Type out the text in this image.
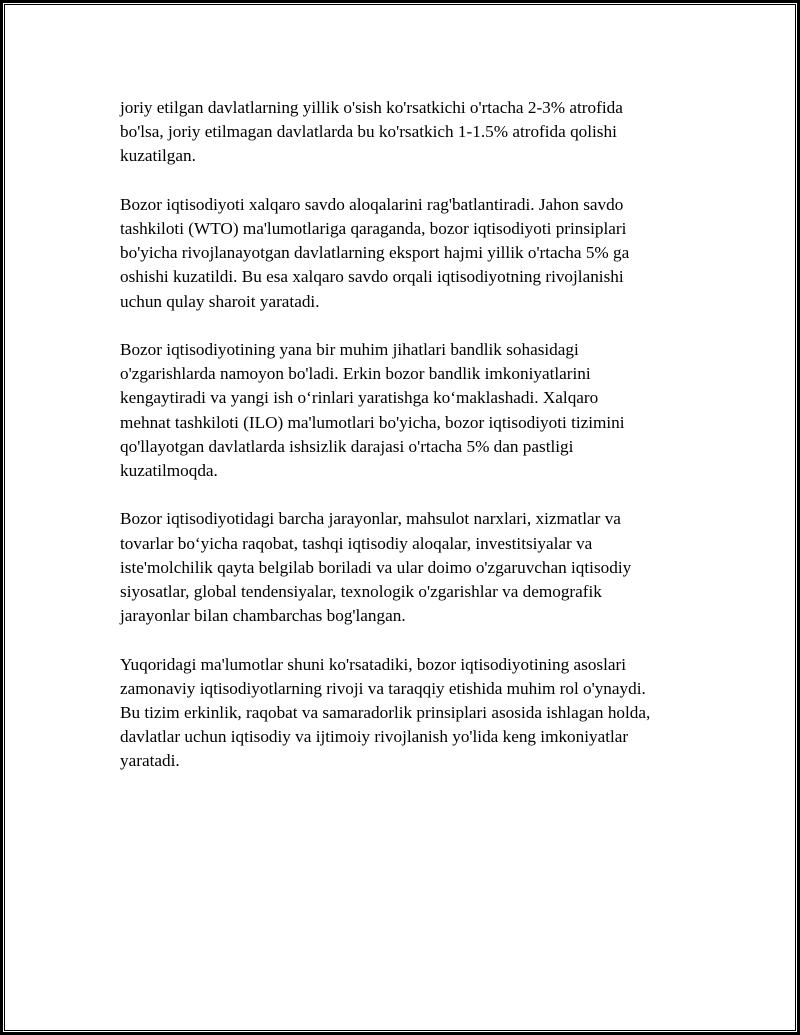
joriy etilgan davlatlarning yillik o'sish ko'rsatkichi o'rtacha 2-3% atrofida
bo'lsa, joriy etilmagan davlatlarda bu ko'rsatkich 1-1.5% atrofida qolishi
kuzatilgan.

Bozor iqtisodiyoti xalqaro savdo aloqalarini rag'batlantiradi. Jahon savdo
tashkiloti (WTO) ma'lumotlariga qaraganda, bozor iqtisodiyoti prinsiplari
bo'yicha rivojlanayotgan davlatlarning eksport hajmi yillik o'rtacha 5% ga
oshishi kuzatildi. Bu esa xalqaro savdo orqali iqtisodiyotning rivojlanishi
uchun qulay sharoit yaratadi.

Bozor iqtisodiyotining yana bir muhim jihatlari bandlik sohasidagi
o'zgarishlarda namoyon bo'ladi. Erkin bozor bandlik imkoniyatlarini
kengaytiradi va yangi ish o‘rinlari yaratishga ko‘maklashadi. Xalqaro
mehnat tashkiloti (ILO) ma'lumotlari bo'yicha, bozor iqtisodiyoti tizimini
qo'llayotgan davlatlarda ishsizlik darajasi o'rtacha 5% dan pastligi
kuzatilmoqda.

Bozor iqtisodiyotidagi barcha jarayonlar, mahsulot narxlari, xizmatlar va
tovarlar bo‘yicha raqobat, tashqi iqtisodiy aloqalar, investitsiyalar va
iste'molchilik qayta belgilab boriladi va ular doimo o'zgaruvchan iqtisodiy
siyosatlar, global tendensiyalar, texnologik o'zgarishlar va demografik
jarayonlar bilan chambarchas bog'langan.

Yuqoridagi ma'lumotlar shuni ko'rsatadiki, bozor iqtisodiyotining asoslari
zamonaviy iqtisodiyotlarning rivoji va taraqqiy etishida muhim rol o'ynaydi.
Bu tizim erkinlik, raqobat va samaradorlik prinsiplari asosida ishlagan holda,
davlatlar uchun iqtisodiy va ijtimoiy rivojlanish yo'lida keng imkoniyatlar
yaratadi.
